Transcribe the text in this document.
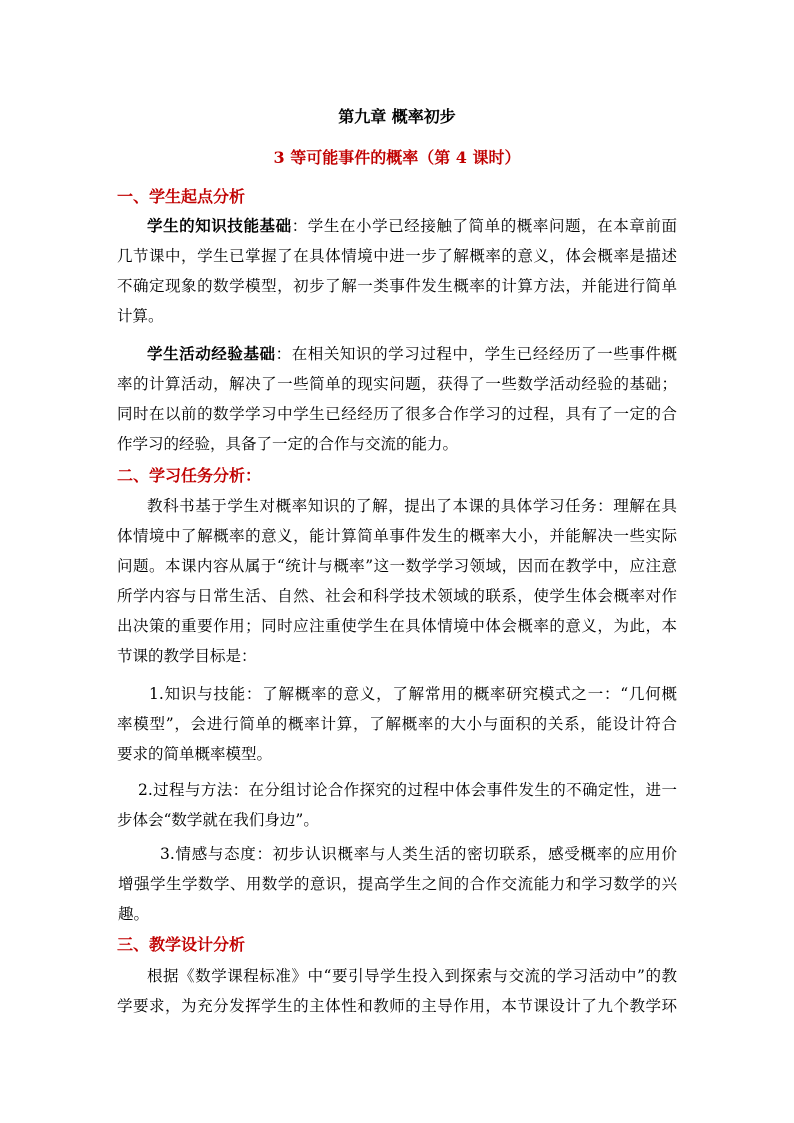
第九章 概率初步
3 等可能事件的概率（第 4 课时）
一、学生起点分析
学生的知识技能基础：学生在小学已经接触了简单的概率问题，在本章前面
几节课中，学生已掌握了在具体情境中进一步了解概率的意义，体会概率是描述
不确定现象的数学模型，初步了解一类事件发生概率的计算方法，并能进行简单
计算。
学生活动经验基础：在相关知识的学习过程中，学生已经经历了一些事件概
率的计算活动，解决了一些简单的现实问题，获得了一些数学活动经验的基础；
同时在以前的数学学习中学生已经经历了很多合作学习的过程，具有了一定的合
作学习的经验，具备了一定的合作与交流的能力。
二、学习任务分析：
教科书基于学生对概率知识的了解，提出了本课的具体学习任务：理解在具
体情境中了解概率的意义，能计算简单事件发生的概率大小，并能解决一些实际
问题。本课内容从属于“统计与概率”这一数学学习领域，因而在教学中，应注意
所学内容与日常生活、自然、社会和科学技术领域的联系，使学生体会概率对作
出决策的重要作用；同时应注重使学生在具体情境中体会概率的意义，为此，本
节课的教学目标是：
1.知识与技能：了解概率的意义，了解常用的概率研究模式之一：“几何概
率模型”，会进行简单的概率计算，了解概率的大小与面积的关系，能设计符合
要求的简单概率模型。
2.过程与方法：在分组讨论合作探究的过程中体会事件发生的不确定性，进一
步体会“数学就在我们身边”。
3.情感与态度：初步认识概率与人类生活的密切联系，感受概率的应用价
增强学生学数学、用数学的意识，提高学生之间的合作交流能力和学习数学的兴
趣。
三、教学设计分析
根据《数学课程标准》中“要引导学生投入到探索与交流的学习活动中”的教
学要求，为充分发挥学生的主体性和教师的主导作用，本节课设计了九个教学环
